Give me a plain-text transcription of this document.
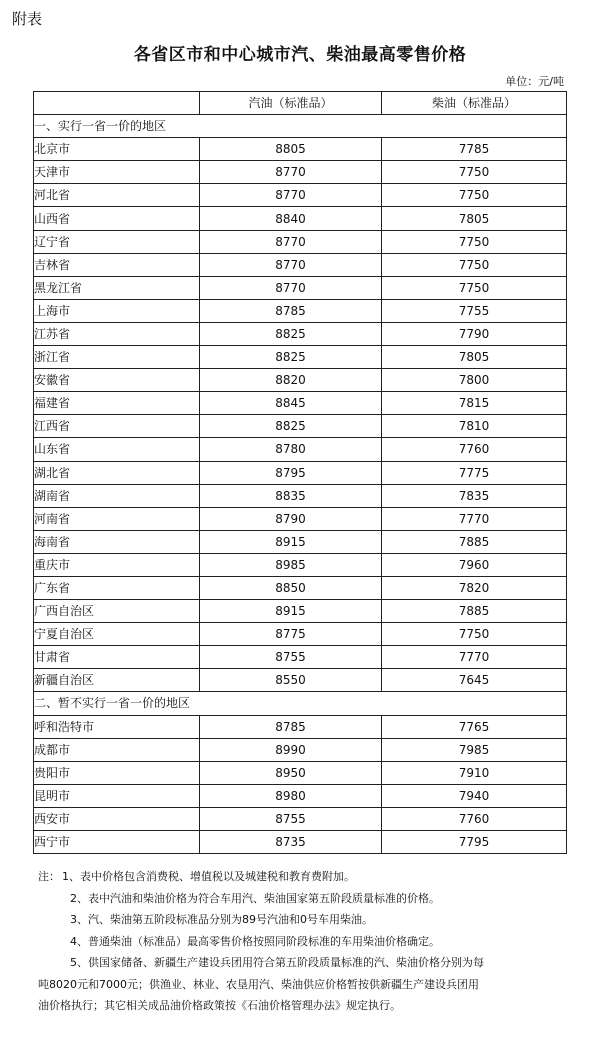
附表
各省区市和中心城市汽、柴油最高零售价格
单位：元/吨
	汽油（标准品）	柴油（标准品）
一、实行一省一价的地区		
北京市	8805	7785
天津市	8770	7750
河北省	8770	7750
山西省	8840	7805
辽宁省	8770	7750
吉林省	8770	7750
黑龙江省	8770	7750
上海市	8785	7755
江苏省	8825	7790
浙江省	8825	7805
安徽省	8820	7800
福建省	8845	7815
江西省	8825	7810
山东省	8780	7760
湖北省	8795	7775
湖南省	8835	7835
河南省	8790	7770
海南省	8915	7885
重庆市	8985	7960
广东省	8850	7820
广西自治区	8915	7885
宁夏自治区	8775	7750
甘肃省	8755	7770
新疆自治区	8550	7645
二、暂不实行一省一价的地区		
呼和浩特市	8785	7765
成都市	8990	7985
贵阳市	8950	7910
昆明市	8980	7940
西安市	8755	7760
西宁市	8735	7795
注： 1、表中价格包含消费税、增值税以及城建税和教育费附加。
2、表中汽油和柴油价格为符合车用汽、柴油国家第五阶段质量标准的价格。
3、汽、柴油第五阶段标准品分别为89号汽油和0号车用柴油。
4、普通柴油（标准品）最高零售价格按照同阶段标准的车用柴油价格确定。
5、供国家储备、新疆生产建设兵团用符合第五阶段质量标准的汽、柴油价格分别为每
吨8020元和7000元；供渔业、林业、农垦用汽、柴油供应价格暂按供新疆生产建设兵团用
油价格执行；其它相关成品油价格政策按《石油价格管理办法》规定执行。
